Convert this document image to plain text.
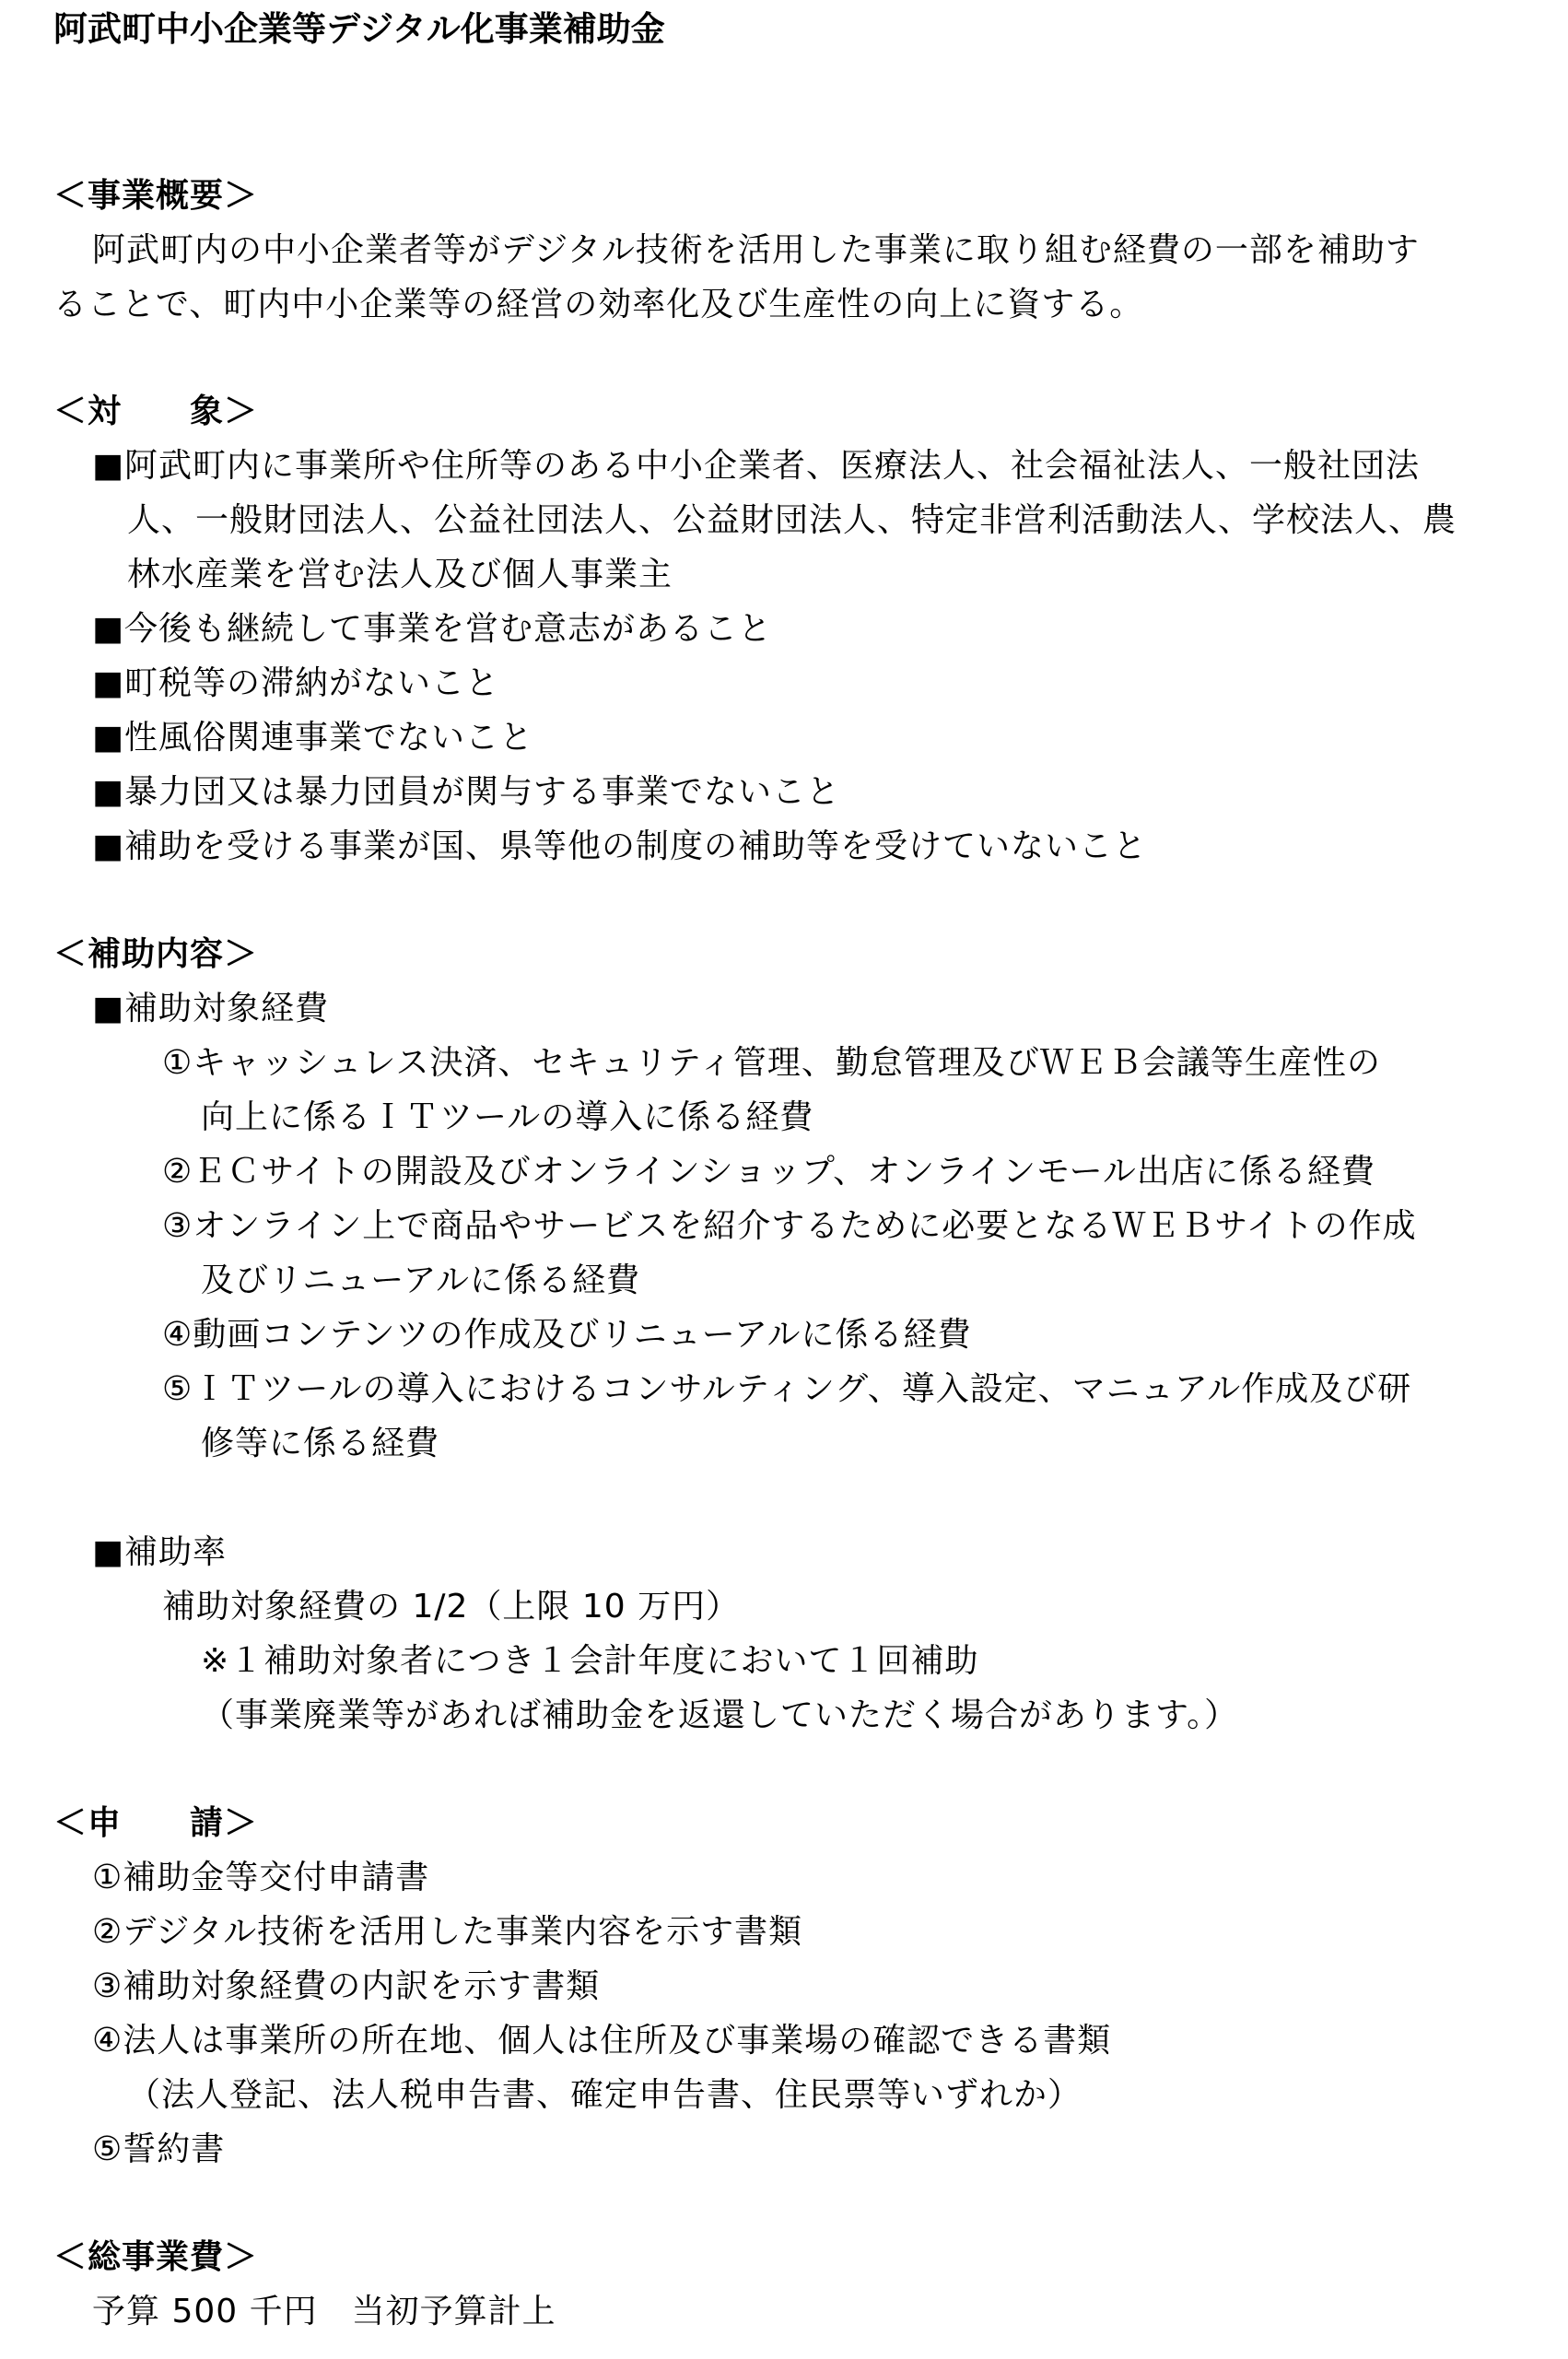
阿武町中小企業等デジタル化事業補助金
＜事業概要＞
阿武町内の中小企業者等がデジタル技術を活用した事業に取り組む経費の一部を補助す
ることで、町内中小企業等の経営の効率化及び生産性の向上に資する。
＜対　　象＞
■阿武町内に事業所や住所等のある中小企業者、医療法人、社会福祉法人、一般社団法
人、一般財団法人、公益社団法人、公益財団法人、特定非営利活動法人、学校法人、農
林水産業を営む法人及び個人事業主
■今後も継続して事業を営む意志があること
■町税等の滞納がないこと
■性風俗関連事業でないこと
■暴力団又は暴力団員が関与する事業でないこと
■補助を受ける事業が国、県等他の制度の補助等を受けていないこと
＜補助内容＞
■補助対象経費
①キャッシュレス決済、セキュリティ管理、勤怠管理及びＷＥＢ会議等生産性の
向上に係るＩＴツールの導入に係る経費
②ＥＣサイトの開設及びオンラインショップ、オンラインモール出店に係る経費
③オンライン上で商品やサービスを紹介するために必要となるＷＥＢサイトの作成
及びリニューアルに係る経費
④動画コンテンツの作成及びリニューアルに係る経費
⑤ＩＴツールの導入におけるコンサルティング、導入設定、マニュアル作成及び研
修等に係る経費
■補助率
補助対象経費の 1/2（上限 10 万円）
※１補助対象者につき１会計年度において１回補助
（事業廃業等があれば補助金を返還していただく場合があります。）
＜申　　請＞
①補助金等交付申請書
②デジタル技術を活用した事業内容を示す書類
③補助対象経費の内訳を示す書類
④法人は事業所の所在地、個人は住所及び事業場の確認できる書類
（法人登記、法人税申告書、確定申告書、住民票等いずれか）
⑤誓約書
＜総事業費＞
予算 500 千円　当初予算計上
